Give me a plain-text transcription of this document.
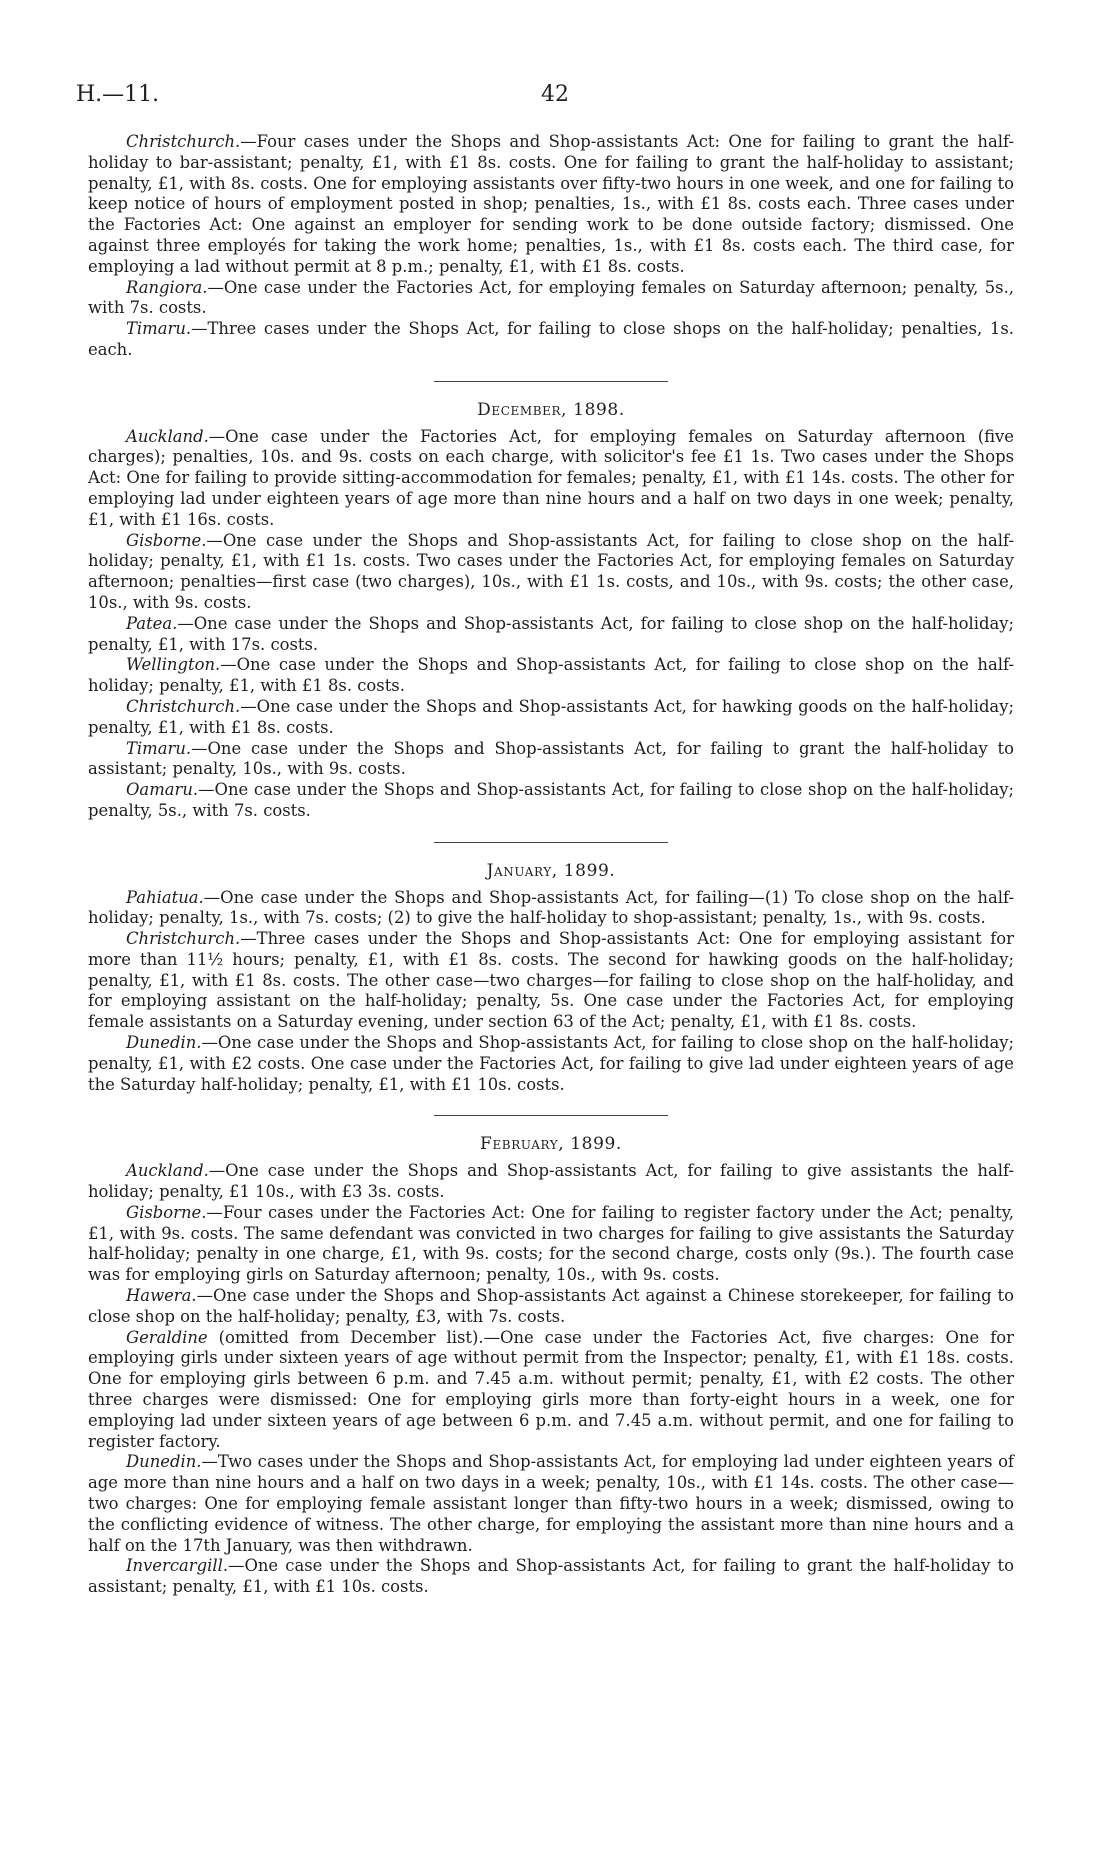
H.—11.	42

Christchurch.—Four cases under the Shops and Shop-assistants Act: One for failing to grant the half-holiday to bar-assistant; penalty, £1, with £1 8s. costs. One for failing to grant the half-holiday to assistant; penalty, £1, with 8s. costs. One for employing assistants over fifty-two hours in one week, and one for failing to keep notice of hours of employment posted in shop; penalties, 1s., with £1 8s. costs each. Three cases under the Factories Act: One against an employer for sending work to be done outside factory; dismissed. One against three employés for taking the work home; penalties, 1s., with £1 8s. costs each. The third case, for employing a lad without permit at 8 p.m.; penalty, £1, with £1 8s. costs.

Rangiora.—One case under the Factories Act, for employing females on Saturday afternoon; penalty, 5s., with 7s. costs.

Timaru.—Three cases under the Shops Act, for failing to close shops on the half-holiday; penalties, 1s. each.

December, 1898.

Auckland.—One case under the Factories Act, for employing females on Saturday afternoon (five charges); penalties, 10s. and 9s. costs on each charge, with solicitor's fee £1 1s. Two cases under the Shops Act: One for failing to provide sitting-accommodation for females; penalty, £1, with £1 14s. costs. The other for employing lad under eighteen years of age more than nine hours and a half on two days in one week; penalty, £1, with £1 16s. costs.

Gisborne.—One case under the Shops and Shop-assistants Act, for failing to close shop on the half-holiday; penalty, £1, with £1 1s. costs. Two cases under the Factories Act, for employing females on Saturday afternoon; penalties—first case (two charges), 10s., with £1 1s. costs, and 10s., with 9s. costs; the other case, 10s., with 9s. costs.

Patea.—One case under the Shops and Shop-assistants Act, for failing to close shop on the half-holiday; penalty, £1, with 17s. costs.

Wellington.—One case under the Shops and Shop-assistants Act, for failing to close shop on the half-holiday; penalty, £1, with £1 8s. costs.

Christchurch.—One case under the Shops and Shop-assistants Act, for hawking goods on the half-holiday; penalty, £1, with £1 8s. costs.

Timaru.—One case under the Shops and Shop-assistants Act, for failing to grant the half-holiday to assistant; penalty, 10s., with 9s. costs.

Oamaru.—One case under the Shops and Shop-assistants Act, for failing to close shop on the half-holiday; penalty, 5s., with 7s. costs.

January, 1899.

Pahiatua.—One case under the Shops and Shop-assistants Act, for failing—(1) To close shop on the half-holiday; penalty, 1s., with 7s. costs; (2) to give the half-holiday to shop-assistant; penalty, 1s., with 9s. costs.

Christchurch.—Three cases under the Shops and Shop-assistants Act: One for employing assistant for more than 11½ hours; penalty, £1, with £1 8s. costs. The second for hawking goods on the half-holiday; penalty, £1, with £1 8s. costs. The other case—two charges—for failing to close shop on the half-holiday, and for employing assistant on the half-holiday; penalty, 5s. One case under the Factories Act, for employing female assistants on a Saturday evening, under section 63 of the Act; penalty, £1, with £1 8s. costs.

Dunedin.—One case under the Shops and Shop-assistants Act, for failing to close shop on the half-holiday; penalty, £1, with £2 costs. One case under the Factories Act, for failing to give lad under eighteen years of age the Saturday half-holiday; penalty, £1, with £1 10s. costs.

February, 1899.

Auckland.—One case under the Shops and Shop-assistants Act, for failing to give assistants the half-holiday; penalty, £1 10s., with £3 3s. costs.

Gisborne.—Four cases under the Factories Act: One for failing to register factory under the Act; penalty, £1, with 9s. costs. The same defendant was convicted in two charges for failing to give assistants the Saturday half-holiday; penalty in one charge, £1, with 9s. costs; for the second charge, costs only (9s.). The fourth case was for employing girls on Saturday afternoon; penalty, 10s., with 9s. costs.

Hawera.—One case under the Shops and Shop-assistants Act against a Chinese storekeeper, for failing to close shop on the half-holiday; penalty, £3, with 7s. costs.

Geraldine (omitted from December list).—One case under the Factories Act, five charges: One for employing girls under sixteen years of age without permit from the Inspector; penalty, £1, with £1 18s. costs. One for employing girls between 6 p.m. and 7.45 a.m. without permit; penalty, £1, with £2 costs. The other three charges were dismissed: One for employing girls more than forty-eight hours in a week, one for employing lad under sixteen years of age between 6 p.m. and 7.45 a.m. without permit, and one for failing to register factory.

Dunedin.—Two cases under the Shops and Shop-assistants Act, for employing lad under eighteen years of age more than nine hours and a half on two days in a week; penalty, 10s., with £1 14s. costs. The other case—two charges: One for employing female assistant longer than fifty-two hours in a week; dismissed, owing to the conflicting evidence of witness. The other charge, for employing the assistant more than nine hours and a half on the 17th January, was then withdrawn.

Invercargill.—One case under the Shops and Shop-assistants Act, for failing to grant the half-holiday to assistant; penalty, £1, with £1 10s. costs.
